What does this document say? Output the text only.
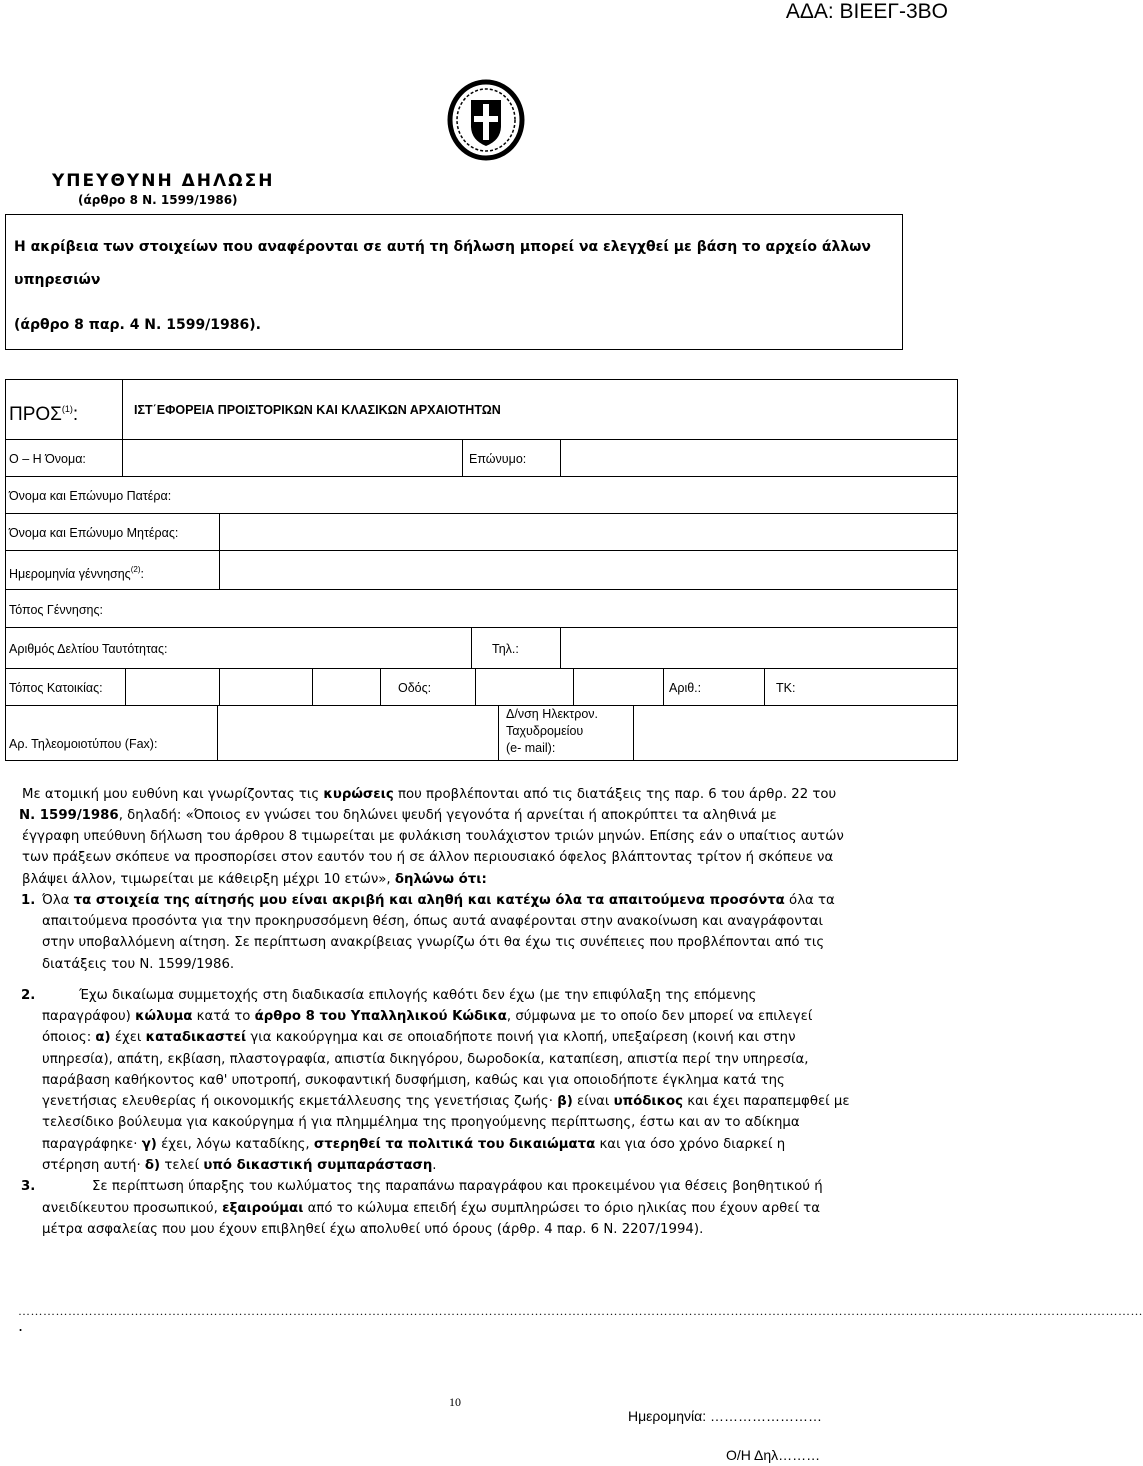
ΑΔΑ: ΒΙΕΕΓ-3ΒΟ
ΥΠΕΥΘΥΝΗ ΔΗΛΩΣΗ
(άρθρο 8 Ν. 1599/1986)

Η ακρίβεια των στοιχείων που αναφέρονται σε αυτή τη δήλωση μπορεί να ελεγχθεί με βάση το αρχείο άλλων

υπηρεσιών

(άρθρο 8 παρ. 4 Ν. 1599/1986).

ΠΡΟΣ$^{(1)}$:	ΙΣΤ΄ΕΦΟΡΕΙΑ ΠΡΟΙΣΤΟΡΙΚΩΝ ΚΑΙ ΚΛΑΣΙΚΩΝ ΑΡΧΑΙΟΤΗΤΩΝ
Ο – Η Όνομα:	Επώνυμο:
Όνομα και Επώνυμο Πατέρα:
Όνομα και Επώνυμο Μητέρας:
Ημερομηνία γέννησης$^{(2)}$:
Τόπος Γέννησης:
Αριθμός Δελτίου Ταυτότητας:	Τηλ.:
Τόπος Κατοικίας:	Οδός:	Αριθ.:	ΤΚ:
Αρ. Τηλεομοιοτύπου (Fax):
Δ/νση Ηλεκτρον.
Ταχυδρομείου
(e- mail):
Με ατομική μου ευθύνη και γνωρίζοντας τις κυρώσεις που προβλέπονται από τις διατάξεις της παρ. 6 του άρθρ. 22 του
Ν. 1599/1986, δηλαδή: «Όποιος εν γνώσει του δηλώνει ψευδή γεγονότα ή αρνείται ή αποκρύπτει τα αληθινά με
έγγραφη υπεύθυνη δήλωση του άρθρου 8 τιμωρείται με φυλάκιση τουλάχιστον τριών μηνών. Επίσης εάν ο υπαίτιος αυτών
των πράξεων σκόπευε να προσπορίσει στον εαυτόν του ή σε άλλον περιουσιακό όφελος βλάπτοντας τρίτον ή σκόπευε να
βλάψει άλλον, τιμωρείται με κάθειρξη μέχρι 10 ετών», δηλώνω ότι:
1. Όλα τα στοιχεία της αίτησής μου είναι ακριβή και αληθή και κατέχω όλα τα απαιτούμενα προσόντα όλα τα
απαιτούμενα προσόντα για την προκηρυσσόμενη θέση, όπως αυτά αναφέρονται στην ανακοίνωση και αναγράφονται
στην υποβαλλόμενη αίτηση. Σε περίπτωση ανακρίβειας γνωρίζω ότι θα έχω τις συνέπειες που προβλέπονται από τις
διατάξεις του Ν. 1599/1986.
2.	Έχω δικαίωμα συμμετοχής στη διαδικασία επιλογής καθότι δεν έχω (με την επιφύλαξη της επόμενης
παραγράφου) κώλυμα κατά το άρθρο 8 του Υπαλληλικού Κώδικα, σύμφωνα με το οποίο δεν μπορεί να επιλεγεί
όποιος: α) έχει καταδικαστεί για κακούργημα και σε οποιαδήποτε ποινή για κλοπή, υπεξαίρεση (κοινή και στην
υπηρεσία), απάτη, εκβίαση, πλαστογραφία, απιστία δικηγόρου, δωροδοκία, καταπίεση, απιστία περί την υπηρεσία,
παράβαση καθήκοντος καθ' υποτροπή, συκοφαντική δυσφήμιση, καθώς και για οποιοδήποτε έγκλημα κατά της
γενετήσιας ελευθερίας ή οικονομικής εκμετάλλευσης της γενετήσιας ζωής· β) είναι υπόδικος και έχει παραπεμφθεί με
τελεσίδικο βούλευμα για κακούργημα ή για πλημμέλημα της προηγούμενης περίπτωσης, έστω και αν το αδίκημα
παραγράφηκε· γ) έχει, λόγω καταδίκης, στερηθεί τα πολιτικά του δικαιώματα και για όσο χρόνο διαρκεί η
στέρηση αυτή· δ) τελεί υπό δικαστική συμπαράσταση.
3.	Σε περίπτωση ύπαρξης του κωλύματος της παραπάνω παραγράφου και προκειμένου για θέσεις βοηθητικού ή
ανειδίκευτου προσωπικού, εξαιρούμαι από το κώλυμα επειδή έχω συμπληρώσει το όριο ηλικίας που έχουν αρθεί τα
μέτρα ασφαλείας που μου έχουν επιβληθεί έχω απολυθεί υπό όρους (άρθρ. 4 παρ. 6 Ν. 2207/1994).
………………………………………………………………………………………………………………………………………………………………………………………………………………………………………………
.
10
Ημερομηνία: ……………………
Ο/Η Δηλ………
